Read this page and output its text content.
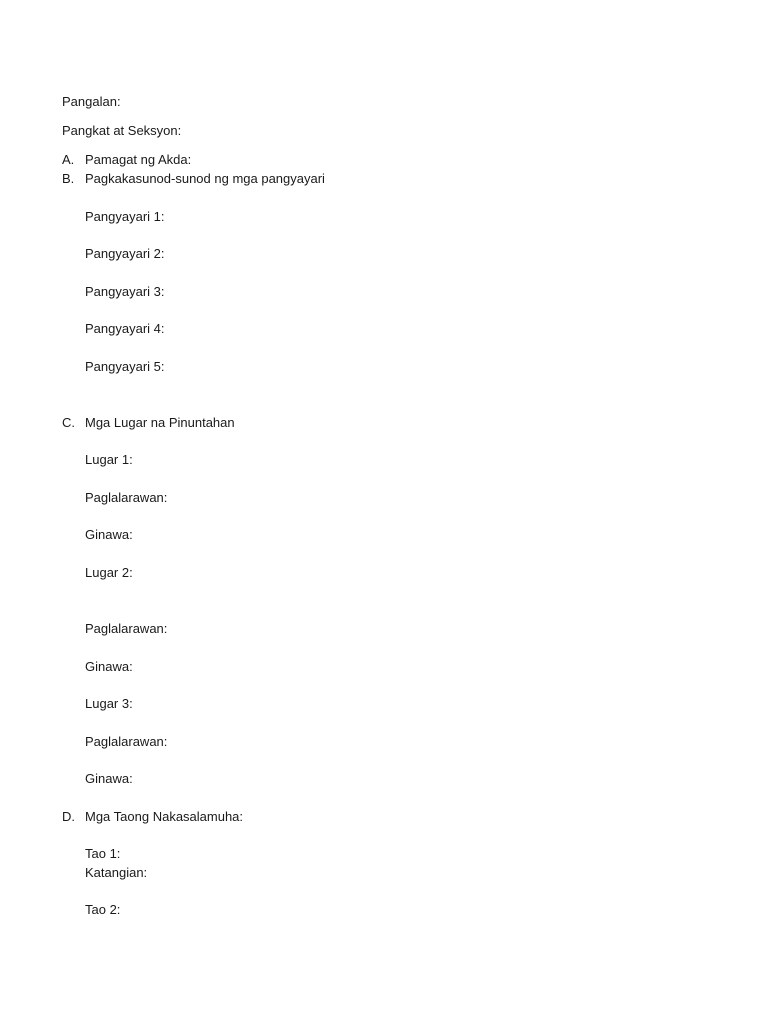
Pangalan:
Pangkat at Seksyon:
A. Pamagat ng Akda:
B. Pagkakasunod-sunod ng mga pangyayari
Pangyayari 1:
Pangyayari 2:
Pangyayari 3:
Pangyayari 4:
Pangyayari 5:
C. Mga Lugar na Pinuntahan
Lugar 1:
Paglalarawan:
Ginawa:
Lugar 2:
Paglalarawan:
Ginawa:
Lugar 3:
Paglalarawan:
Ginawa:
D. Mga Taong Nakasalamuha:
Tao 1:
Katangian:
Tao 2:
